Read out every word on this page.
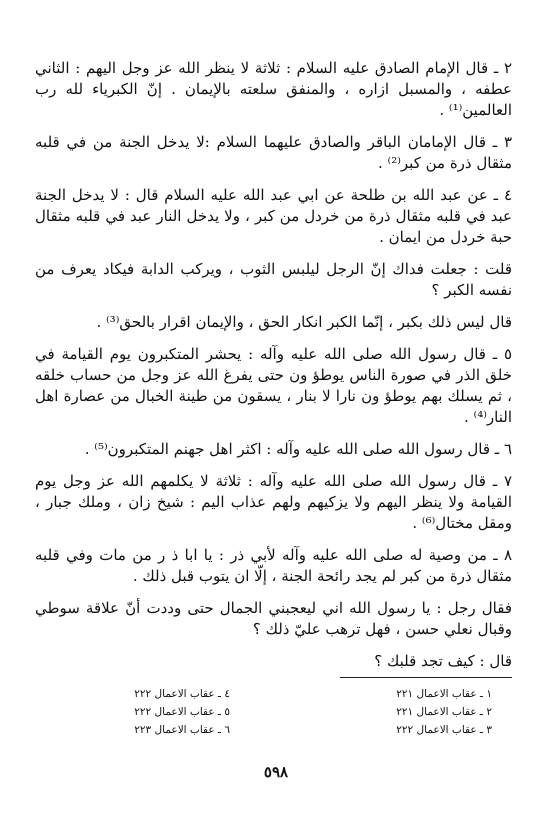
٢ ـ قال الإمام الصادق عليه السلام : ثلاثة لا ينظر الله عز وجل اليهم : الثاني عطفه ، والمسبل ازاره ، والمنفق سلعته بالإيمان . إنّ الكبرياء لله رب العالمين⁽¹⁾ .

٣ ـ قال الإمامان الباقر والصادق عليهما السلام :لا يدخل الجنة من في قلبه مثقال ذرة من كبر⁽²⁾ .

٤ ـ عن عبد الله بن طلحة عن ابي عبد الله عليه السلام قال : لا يدخل الجنة عبد في قلبه مثقال ذرة من خردل من كبر ، ولا يدخل النار عبد في قلبه مثقال حبة خردل من ايمان .

قلت : جعلت فداك إنّ الرجل ليلبس الثوب ، ويركب الدابة فيكاد يعرف من نفسه الكبر ؟

قال ليس ذلك بكبر ، إنّما الكبر انكار الحق ، والإيمان اقرار بالحق⁽³⁾ .

٥ ـ قال رسول الله صلى الله عليه وآله : يحشر المتكبرون يوم القيامة في خلق الذر في صورة الناس يوطؤ ون حتى يفرغ الله عز وجل من حساب خلقه ، ثم يسلك بهم يوطؤ ون نارا لا بنار ، يسقون من طينة الخبال من عصارة اهل النار⁽⁴⁾ .

٦ ـ قال رسول الله صلى الله عليه وآله : اكثر اهل جهنم المتكبرون⁽⁵⁾ .

٧ ـ قال رسول الله صلى الله عليه وآله : ثلاثة لا يكلمهم الله عز وجل يوم القيامة ولا ينظر اليهم ولا يزكيهم ولهم عذاب اليم : شيخ زان ، وملك جبار ، ومقل مختال⁽⁶⁾ .

٨ ـ من وصية له صلى الله عليه وآله لأبي ذر : يا ابا ذ ر من مات وفي قلبه مثقال ذرة من كبر لم يجد رائحة الجنة ، إلّا ان يتوب قبل ذلك .

فقال رجل : يا رسول الله اني ليعجبني الجمال حتى وددت أنّ علاقة سوطي وقبال نعلي حسن ، فهل ترهب عليّ ذلك ؟

قال : كيف تجد قلبك ؟

١ ـ عقاب الاعمال ٢٢١
٢ ـ عقاب الاعمال ٢٢١
٣ ـ عقاب الاعمال ٢٢٢
٤ ـ عقاب الاعمال ٢٢٢
٥ ـ عقاب الاعمال ٢٢٢
٦ ـ عقاب الاعمال ٢٢٣
٥٩٨
